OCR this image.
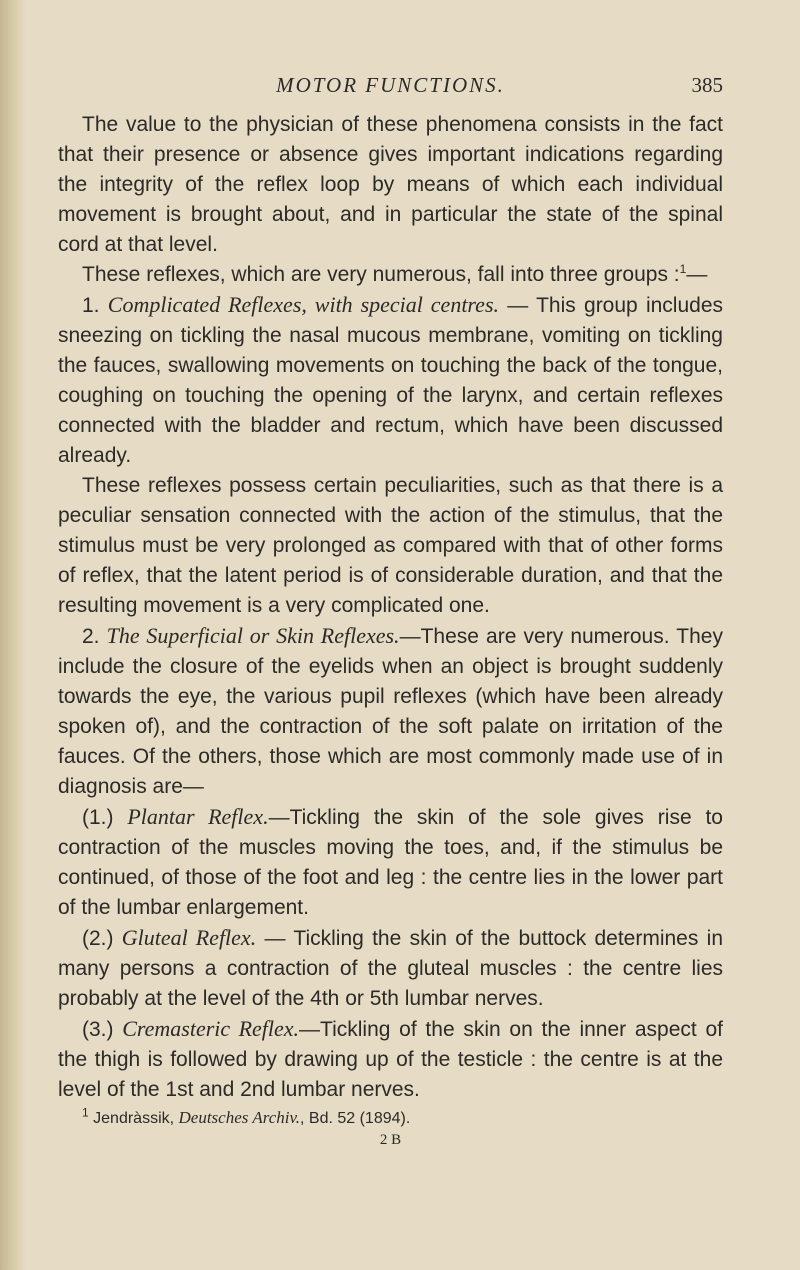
MOTOR FUNCTIONS.	385

The value to the physician of these phenomena consists in the fact that their presence or absence gives important indications regarding the integrity of the reflex loop by means of which each individual movement is brought about, and in particular the state of the spinal cord at that level.

These reflexes, which are very numerous, fall into three groups :$^1$—

1. Complicated Reflexes, with special centres. — This group includes sneezing on tickling the nasal mucous membrane, vomiting on tickling the fauces, swallowing movements on touching the back of the tongue, coughing on touching the opening of the larynx, and certain reflexes connected with the bladder and rectum, which have been discussed already.

These reflexes possess certain peculiarities, such as that there is a peculiar sensation connected with the action of the stimulus, that the stimulus must be very prolonged as compared with that of other forms of reflex, that the latent period is of considerable duration, and that the resulting movement is a very complicated one.

2. The Superficial or Skin Reflexes.—These are very numerous. They include the closure of the eyelids when an object is brought suddenly towards the eye, the various pupil reflexes (which have been already spoken of), and the contraction of the soft palate on irritation of the fauces. Of the others, those which are most commonly made use of in diagnosis are—

(1.) Plantar Reflex.—Tickling the skin of the sole gives rise to contraction of the muscles moving the toes, and, if the stimulus be continued, of those of the foot and leg : the centre lies in the lower part of the lumbar enlargement.

(2.) Gluteal Reflex. — Tickling the skin of the buttock determines in many persons a contraction of the gluteal muscles : the centre lies probably at the level of the 4th or 5th lumbar nerves.

(3.) Cremasteric Reflex.—Tickling of the skin on the inner aspect of the thigh is followed by drawing up of the testicle : the centre is at the level of the 1st and 2nd lumbar nerves.

$^1$ Jendràssik, Deutsches Archiv., Bd. 52 (1894).

2 B
